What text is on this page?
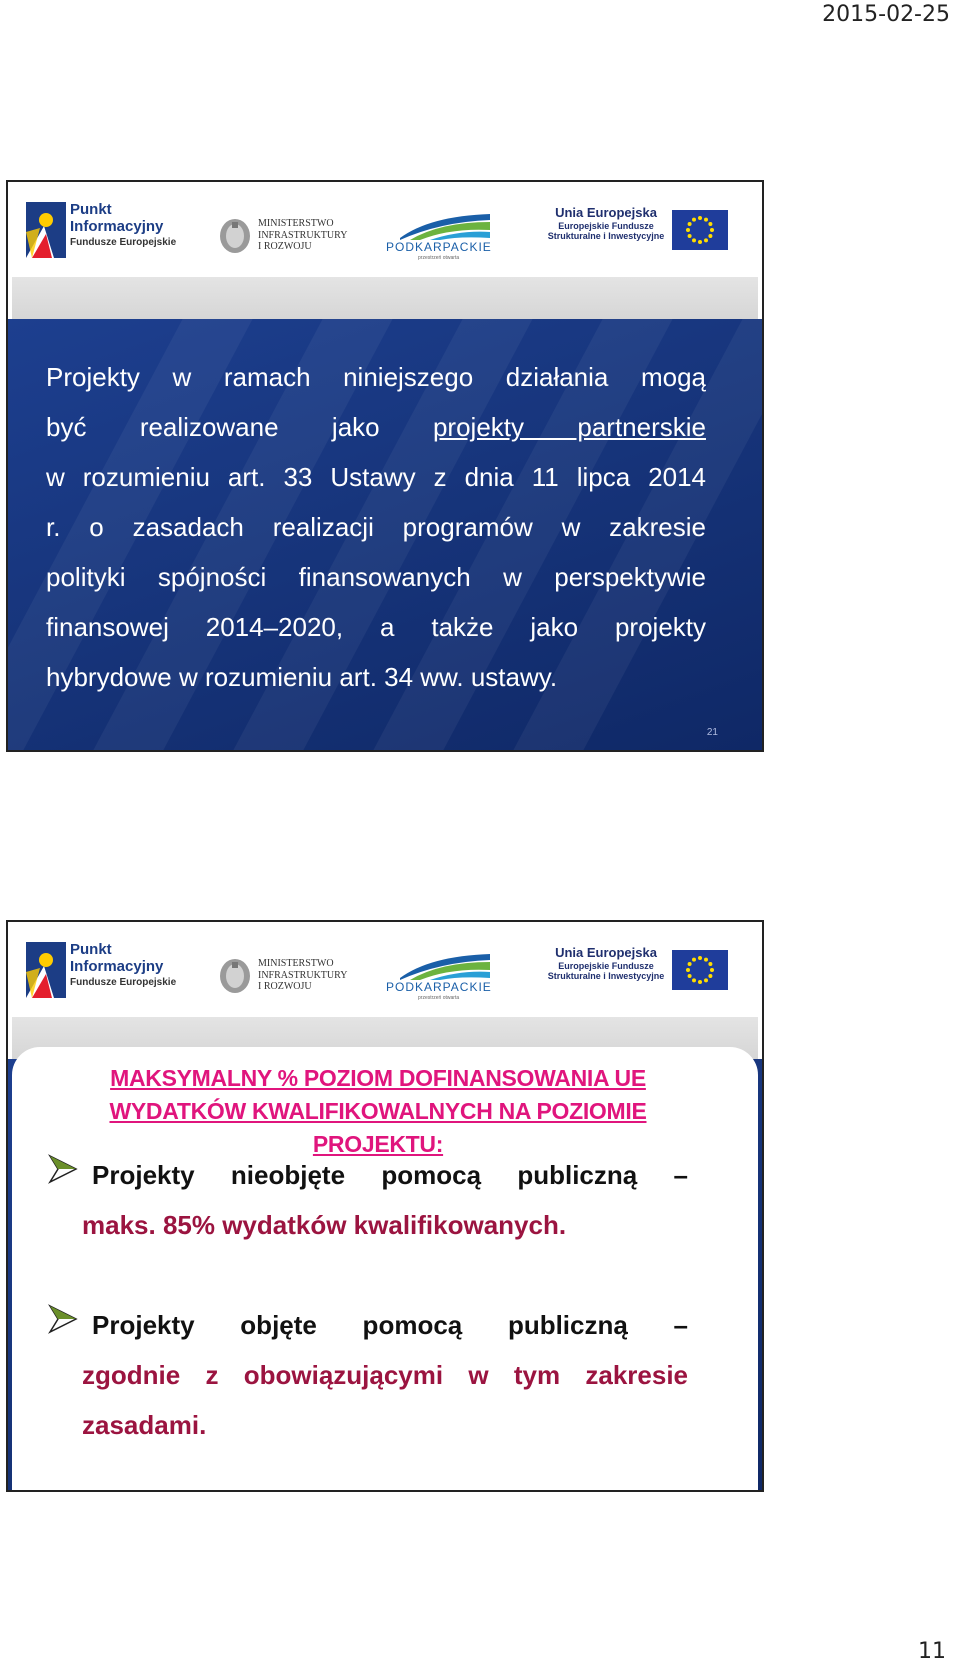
2015-02-25
Punkt
Informacyjny
Fundusze Europejskie
MINISTERSTWO
INFRASTRUKTURY
I ROZWOJU	PODKARPACKIE
przestrzeń otwarta
Unia Europejska
Europejskie Fundusze
Strukturalne i Inwestycyjne
Projekty w ramach niniejszego działania mogą
być realizowane jako projekty partnerskie
w rozumieniu art. 33 Ustawy z dnia 11 lipca 2014
r. o zasadach realizacji programów w zakresie
polityki spójności finansowanych w perspektywie
finansowej 2014–2020, a także jako projekty
hybrydowe w rozumieniu art. 34 ww. ustawy.
21
Punkt
Informacyjny
Fundusze Europejskie
MINISTERSTWO
INFRASTRUKTURY
I ROZWOJU	PODKARPACKIE
przestrzeń otwarta
Unia Europejska
Europejskie Fundusze
Strukturalne i Inwestycyjne
MAKSYMALNY % POZIOM DOFINANSOWANIA UE WYDATKÓW KWALIFIKOWALNYCH NA POZIOMIE PROJEKTU:
Projekty nieobjęte pomocą publiczną –
maks. 85% wydatków kwalifikowanych.
Projekty objęte pomocą publiczną –
zgodnie z obowiązującymi w tym zakresie
zasadami.
11
